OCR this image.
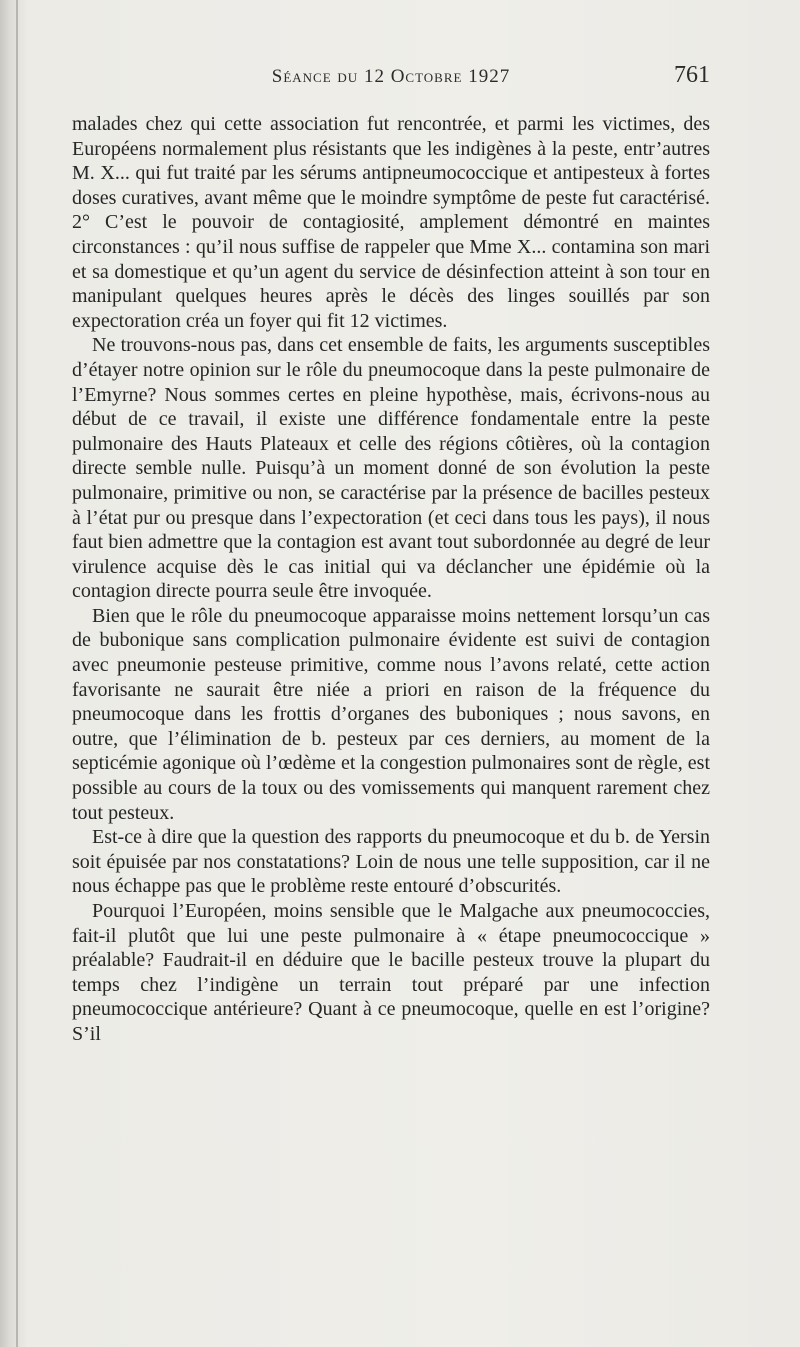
Séance du 12 Octobre 1927	761

malades chez qui cette association fut rencontrée, et parmi les victimes, des Européens normalement plus résistants que les indigènes à la peste, entr’autres M. X... qui fut traité par les sérums antipneumococcique et antipesteux à fortes doses curatives, avant même que le moindre symptôme de peste fut caractérisé. 2° C’est le pouvoir de contagiosité, amplement démontré en maintes circonstances : qu’il nous suffise de rappeler que Mme X... contamina son mari et sa domestique et qu’un agent du service de désinfection atteint à son tour en manipulant quelques heures après le décès des linges souillés par son expectoration créa un foyer qui fit 12 victimes.

Ne trouvons-nous pas, dans cet ensemble de faits, les arguments susceptibles d’étayer notre opinion sur le rôle du pneumocoque dans la peste pulmonaire de l’Emyrne? Nous sommes certes en pleine hypothèse, mais, écrivons-nous au début de ce travail, il existe une différence fondamentale entre la peste pulmonaire des Hauts Plateaux et celle des régions côtières, où la contagion directe semble nulle. Puisqu’à un moment donné de son évolution la peste pulmonaire, primitive ou non, se caractérise par la présence de bacilles pesteux à l’état pur ou presque dans l’expectoration (et ceci dans tous les pays), il nous faut bien admettre que la contagion est avant tout subordonnée au degré de leur virulence acquise dès le cas initial qui va déclancher une épidémie où la contagion directe pourra seule être invoquée.

Bien que le rôle du pneumocoque apparaisse moins nettement lorsqu’un cas de bubonique sans complication pulmonaire évidente est suivi de contagion avec pneumonie pesteuse primitive, comme nous l’avons relaté, cette action favorisante ne saurait être niée a priori en raison de la fréquence du pneumocoque dans les frottis d’organes des buboniques ; nous savons, en outre, que l’élimination de b. pesteux par ces derniers, au moment de la septicémie agonique où l’œdème et la congestion pulmonaires sont de règle, est possible au cours de la toux ou des vomissements qui manquent rarement chez tout pesteux.

Est-ce à dire que la question des rapports du pneumocoque et du b. de Yersin soit épuisée par nos constatations? Loin de nous une telle supposition, car il ne nous échappe pas que le problème reste entouré d’obscurités.

Pourquoi l’Européen, moins sensible que le Malgache aux pneumococcies, fait-il plutôt que lui une peste pulmonaire à « étape pneumococcique » préalable? Faudrait-il en déduire que le bacille pesteux trouve la plupart du temps chez l’indigène un terrain tout préparé par une infection pneumococcique antérieure? Quant à ce pneumocoque, quelle en est l’origine? S’il
